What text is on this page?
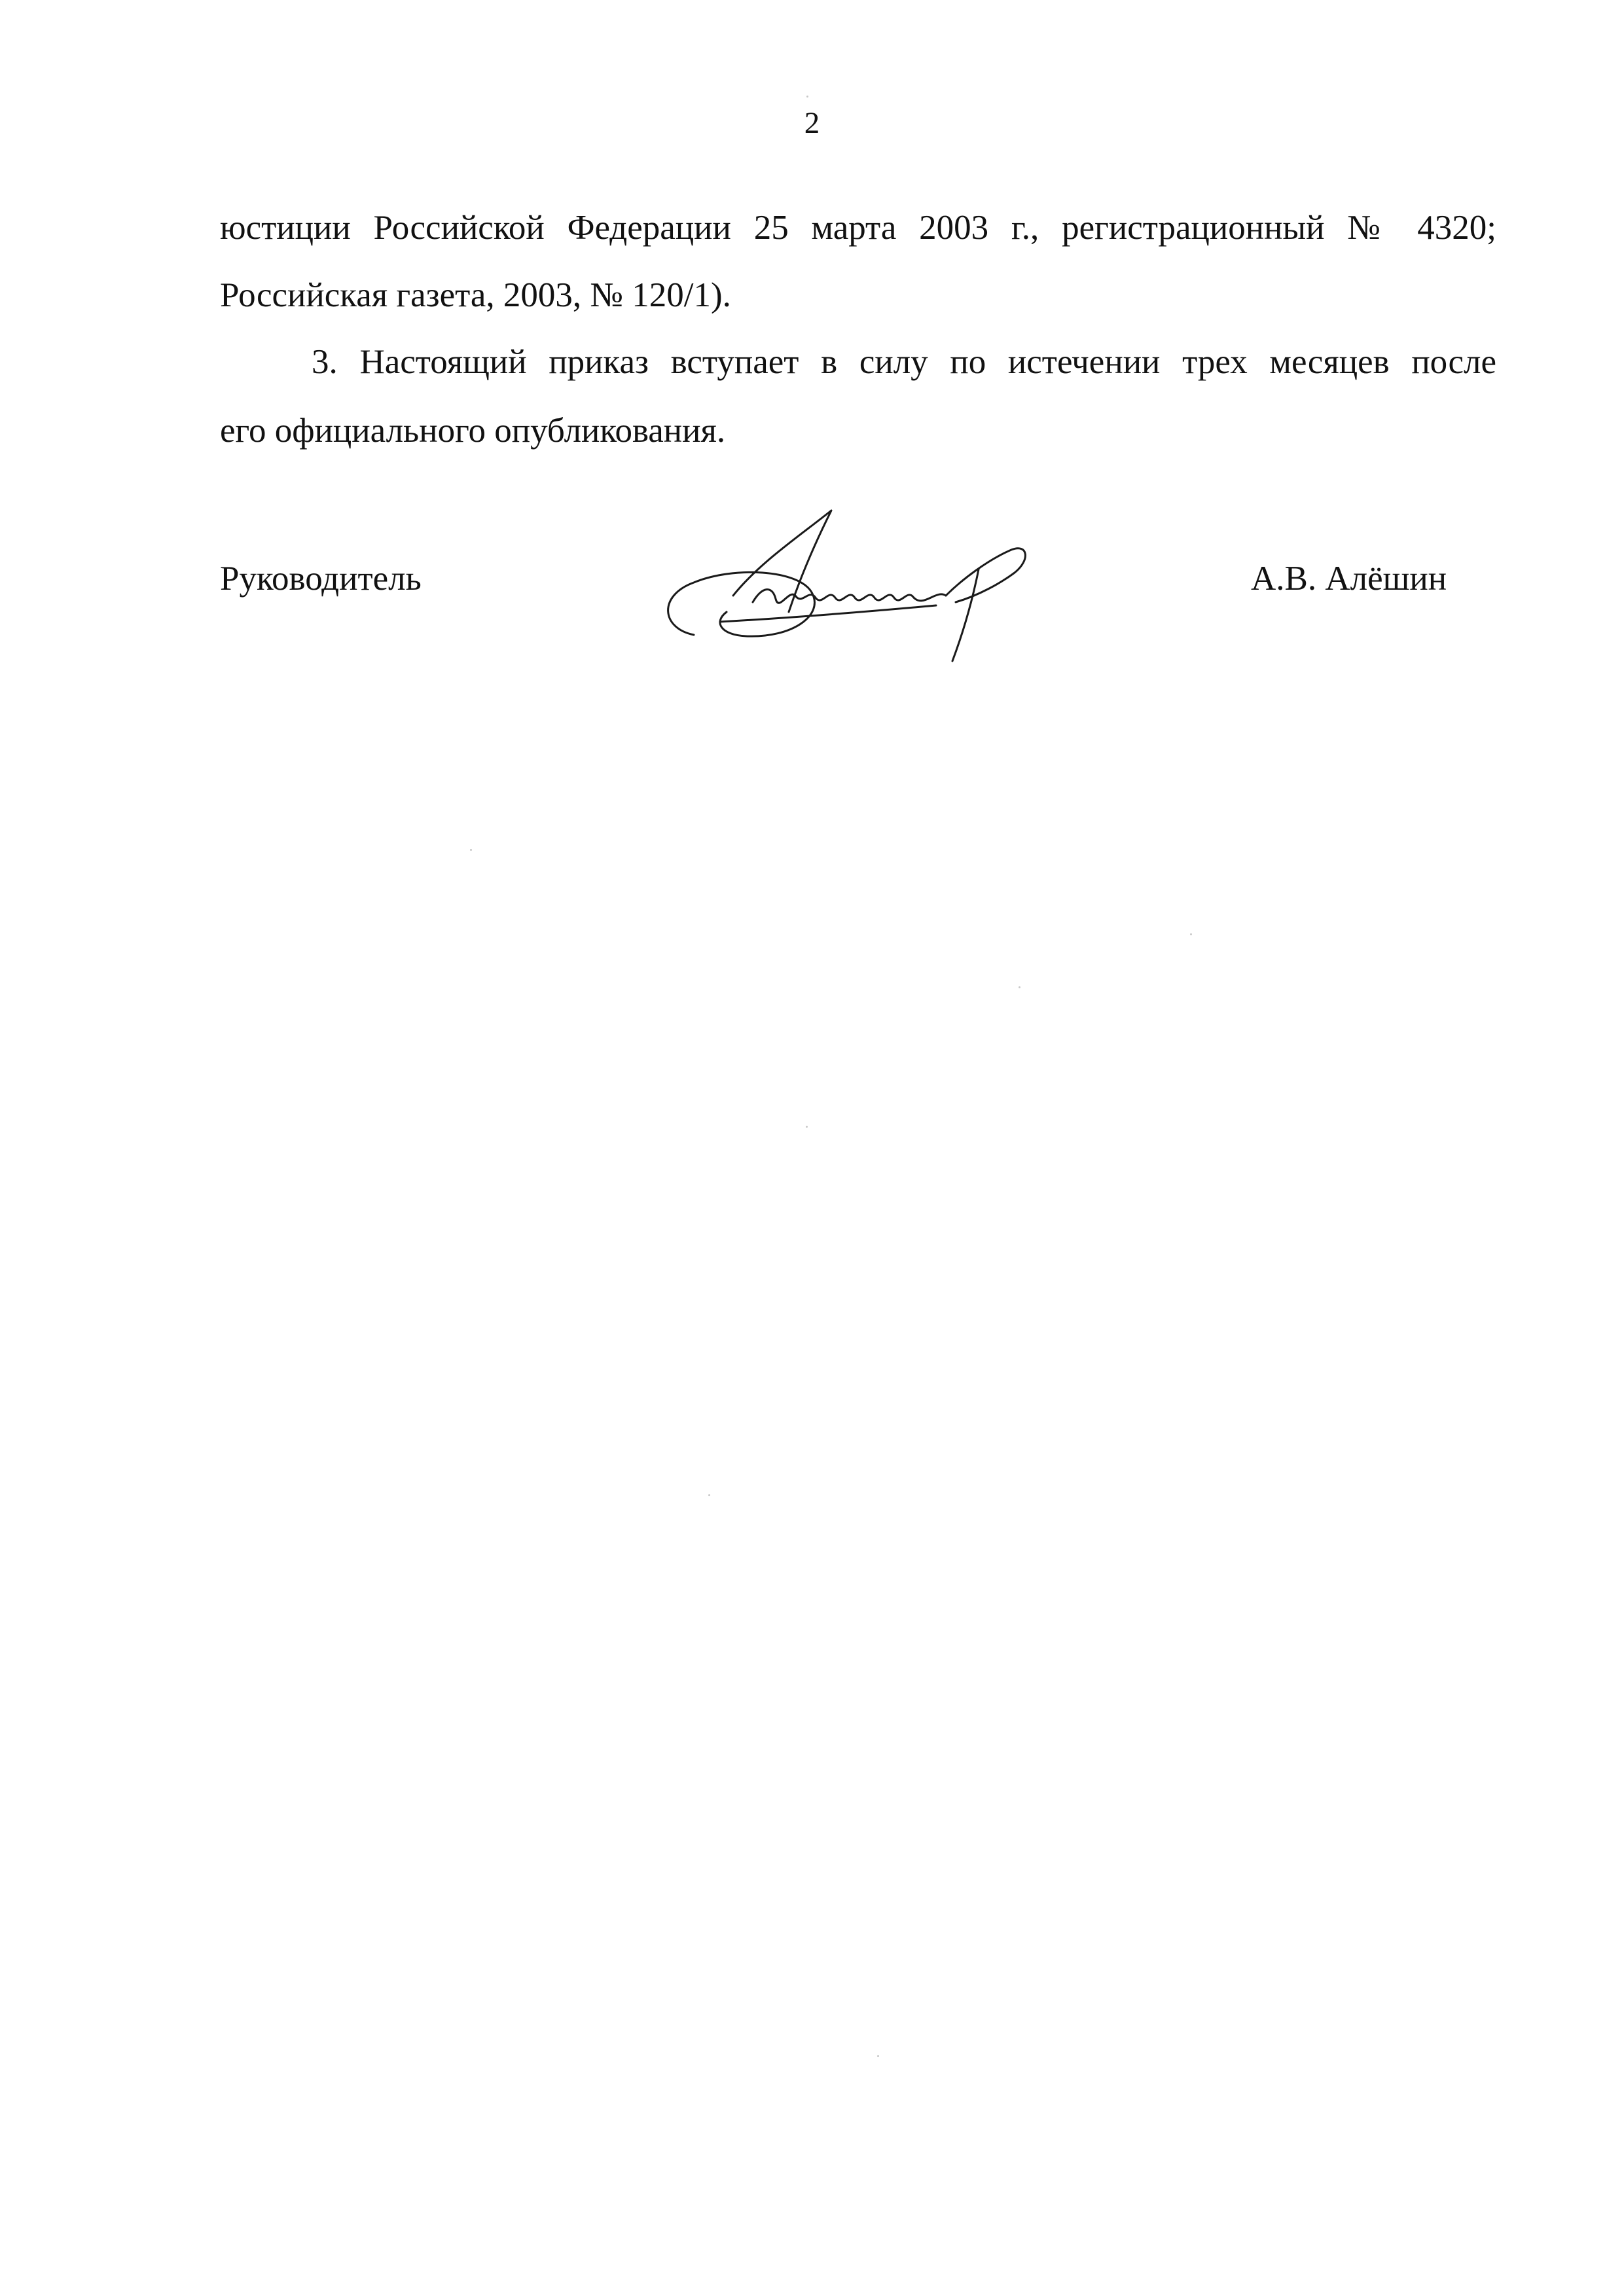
2
юстиции Российской Федерации 25 марта 2003 г., регистрационный № 4320;
Российская газета, 2003, № 120/1).
3. Настоящий приказ вступает в силу по истечении трех месяцев после
его официального опубликования.
Руководитель	А.В. Алёшин
